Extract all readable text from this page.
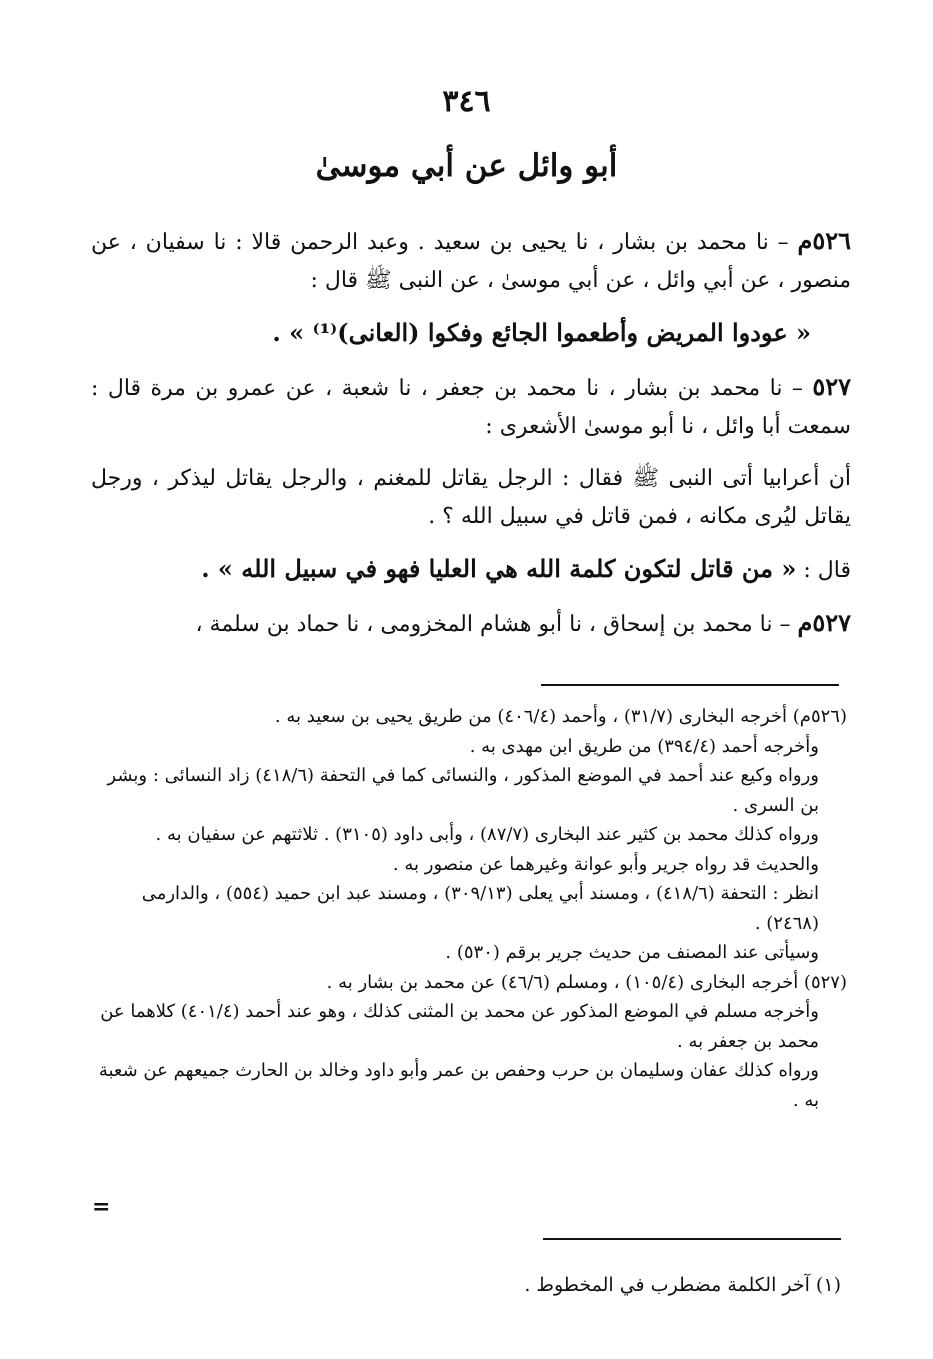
٣٤٦
أبو وائل عن أبي موسىٰ

٥٢٦م – نا محمد بن بشار ، نا يحيى بن سعيد . وعبد الرحمن قالا : نا سفيان ، عن منصور ، عن أبي وائل ، عن أبي موسىٰ ، عن النبى ﷺ قال :

« عودوا المريض وأطعموا الجائع وفكوا (العانى)⁽¹⁾ » .

٥٢٧ – نا محمد بن بشار ، نا محمد بن جعفر ، نا شعبة ، عن عمرو بن مرة قال : سمعت أبا وائل ، نا أبو موسىٰ الأشعرى :

أن أعرابيا أتى النبى ﷺ فقال : الرجل يقاتل للمغنم ، والرجل يقاتل ليذكر ، ورجل يقاتل ليُرى مكانه ، فمن قاتل في سبيل الله ؟ .

قال : « من قاتل لتكون كلمة الله هي العليا فهو في سبيل الله » .

٥٢٧م – نا محمد بن إسحاق ، نا أبو هشام المخزومى ، نا حماد بن سلمة ،

(٥٢٦م) أخرجه البخارى (٣١/٧) ، وأحمد (٤٠٦/٤) من طريق يحيى بن سعيد به .

وأخرجه أحمد (٣٩٤/٤) من طريق ابن مهدى به .

ورواه وكيع عند أحمد في الموضع المذكور ، والنسائى كما في التحفة (٤١٨/٦) زاد النسائى : وبشر بن السرى .

ورواه كذلك محمد بن كثير عند البخارى (٨٧/٧) ، وأبى داود (٣١٠٥) . ثلاثتهم عن سفيان به .

والحديث قد رواه جرير وأبو عوانة وغيرهما عن منصور به .

انظر : التحفة (٤١٨/٦) ، ومسند أبي يعلى (٣٠٩/١٣) ، ومسند عبد ابن حميد (٥٥٤) ، والدارمى (٢٤٦٨) .

وسيأتى عند المصنف من حديث جرير برقم (٥٣٠) .

(٥٢٧) أخرجه البخارى (١٠٥/٤) ، ومسلم (٤٦/٦) عن محمد بن بشار به .

وأخرجه مسلم في الموضع المذكور عن محمد بن المثنى كذلك ، وهو عند أحمد (٤٠١/٤) كلاهما عن محمد بن جعفر به .

ورواه كذلك عفان وسليمان بن حرب وحفص بن عمر وأبو داود وخالد بن الحارث جميعهم عن شعبة به .

=

(١) آخر الكلمة مضطرب في المخطوط .
